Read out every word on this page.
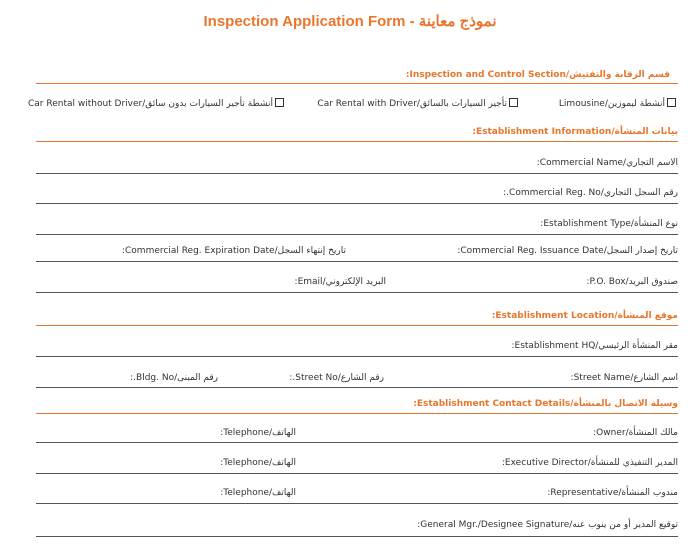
Inspection Application Form - نموذج معاينة
قسم الرقابة والتفتيش/Inspection and Control Section:
أنشطة ليموزين/Limousine
تأجير السيارات بالسائق/Car Rental with Driver
أنشطة تأجير السيارات بدون سائق/Car Rental without Driver
بيانات المنشأة/Establishment Information:
الاسم التجاري/Commercial Name:
رقم السجل التجاري/Commercial Reg. No.:
نوع المنشأة/Establishment Type:
تاريخ إصدار السجل/Commercial Reg. Issuance Date:
تاريخ إنتهاء السجل/Commercial Reg. Expiration Date:
صندوق البريد/P.O. Box:
البريد الإلكتروني/Email:
موقع المنشأة/Establishment Location:
مقر المنشأة الرئيسي/Establishment HQ:
اسم الشارع/Street Name:
رقم الشارع/Street No.:
رقم المبنى/Bldg. No.:
وسيلة الاتصال بالمنشأة/Establishment Contact Details:
مالك المنشأة/Owner:
الهاتف/Telephone:
المدير التنفيذي للمنشأة/Executive Director:
الهاتف/Telephone:
مندوب المنشأة/Representative:
الهاتف/Telephone:
توقيع المدير أو من ينوب عنه/General Mgr./Designee Signature:
